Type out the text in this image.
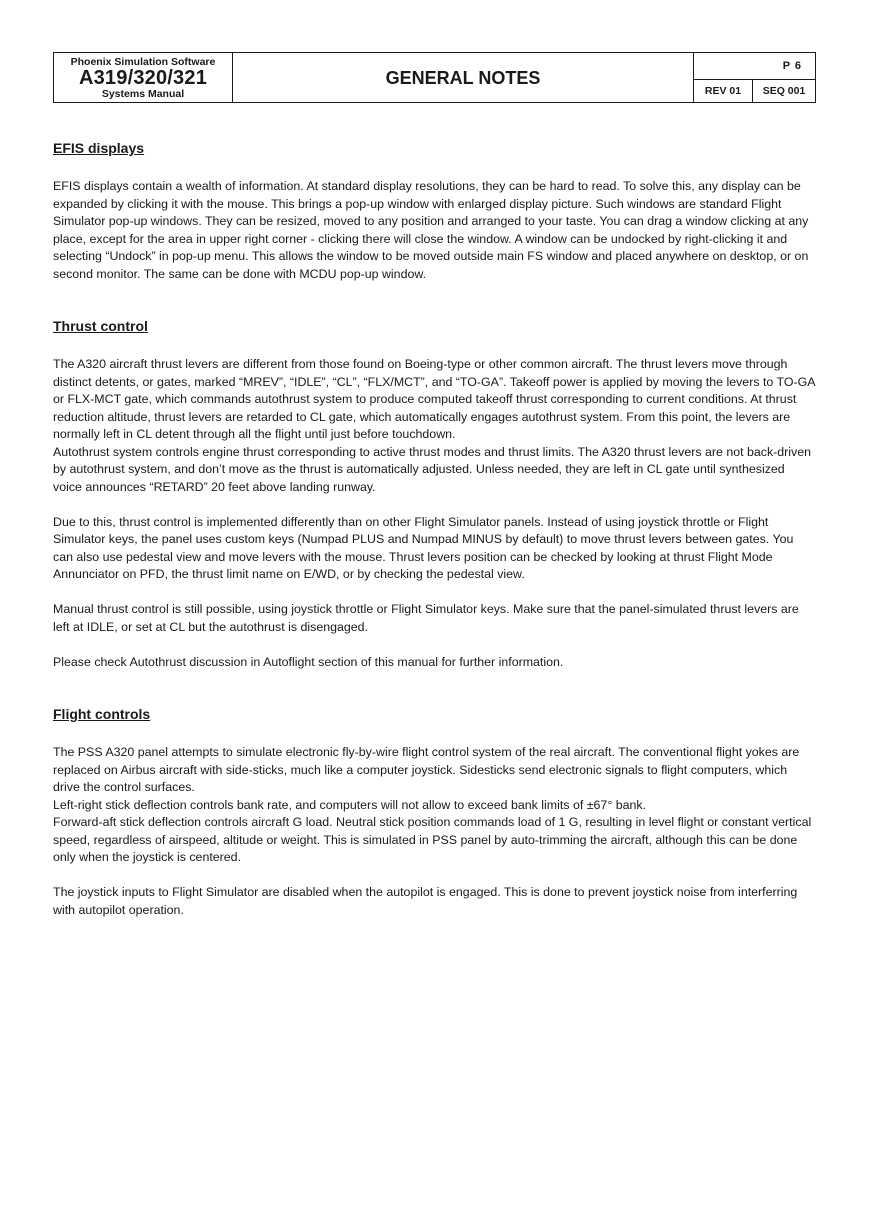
Phoenix Simulation Software
A319/320/321
Systems Manual
GENERAL NOTES
P 6
REV 01	SEQ 001
EFIS displays

EFIS displays contain a wealth of information. At standard display resolutions, they can be hard to read. To solve this, any display can be expanded by clicking it with the mouse. This brings a pop-up window with enlarged display picture. Such windows are standard Flight Simulator pop-up windows. They can be resized, moved to any position and arranged to your taste. You can drag a window clicking at any place, except for the area in upper right corner - clicking there will close the window. A window can be undocked by right-clicking it and selecting “Undock” in pop-up menu. This allows the window to be moved outside main FS window and placed anywhere on desktop, or on second monitor. The same can be done with MCDU pop-up window.

Thrust control

The A320 aircraft thrust levers are different from those found on Boeing-type or other common aircraft. The thrust levers move through distinct detents, or gates, marked “MREV”, “IDLE”, “CL”, “FLX/MCT”, and “TO-GA”. Takeoff power is applied by moving the levers to TO-GA or FLX-MCT gate, which commands autothrust system to produce computed takeoff thrust corresponding to current conditions. At thrust reduction altitude, thrust levers are retarded to CL gate, which automatically engages autothrust system. From this point, the levers are normally left in CL detent through all the flight until just before touchdown.

Autothrust system controls engine thrust corresponding to active thrust modes and thrust limits. The A320 thrust levers are not back-driven by autothrust system, and don’t move as the thrust is automatically adjusted. Unless needed, they are left in CL gate until synthesized voice announces “RETARD” 20 feet above landing runway.

Due to this, thrust control is implemented differently than on other Flight Simulator panels. Instead of using joystick throttle or Flight Simulator keys, the panel uses custom keys (Numpad PLUS and Numpad MINUS by default) to move thrust levers between gates. You can also use pedestal view and move levers with the mouse. Thrust levers position can be checked by looking at thrust Flight Mode Annunciator on PFD, the thrust limit name on E/WD, or by checking the pedestal view.

Manual thrust control is still possible, using joystick throttle or Flight Simulator keys. Make sure that the panel-simulated thrust levers are left at IDLE, or set at CL but the autothrust is disengaged.

Please check Autothrust discussion in Autoflight section of this manual for further information.

Flight controls

The PSS A320 panel attempts to simulate electronic fly-by-wire flight control system of the real aircraft. The conventional flight yokes are replaced on Airbus aircraft with side-sticks, much like a computer joystick. Sidesticks send electronic signals to flight computers, which drive the control surfaces.

Left-right stick deflection controls bank rate, and computers will not allow to exceed bank limits of ±67° bank.

Forward-aft stick deflection controls aircraft G load. Neutral stick position commands load of 1 G, resulting in level flight or constant vertical speed, regardless of airspeed, altitude or weight. This is simulated in PSS panel by auto-trimming the aircraft, although this can be done only when the joystick is centered.

The joystick inputs to Flight Simulator are disabled when the autopilot is engaged. This is done to prevent joystick noise from interferring with autopilot operation.
